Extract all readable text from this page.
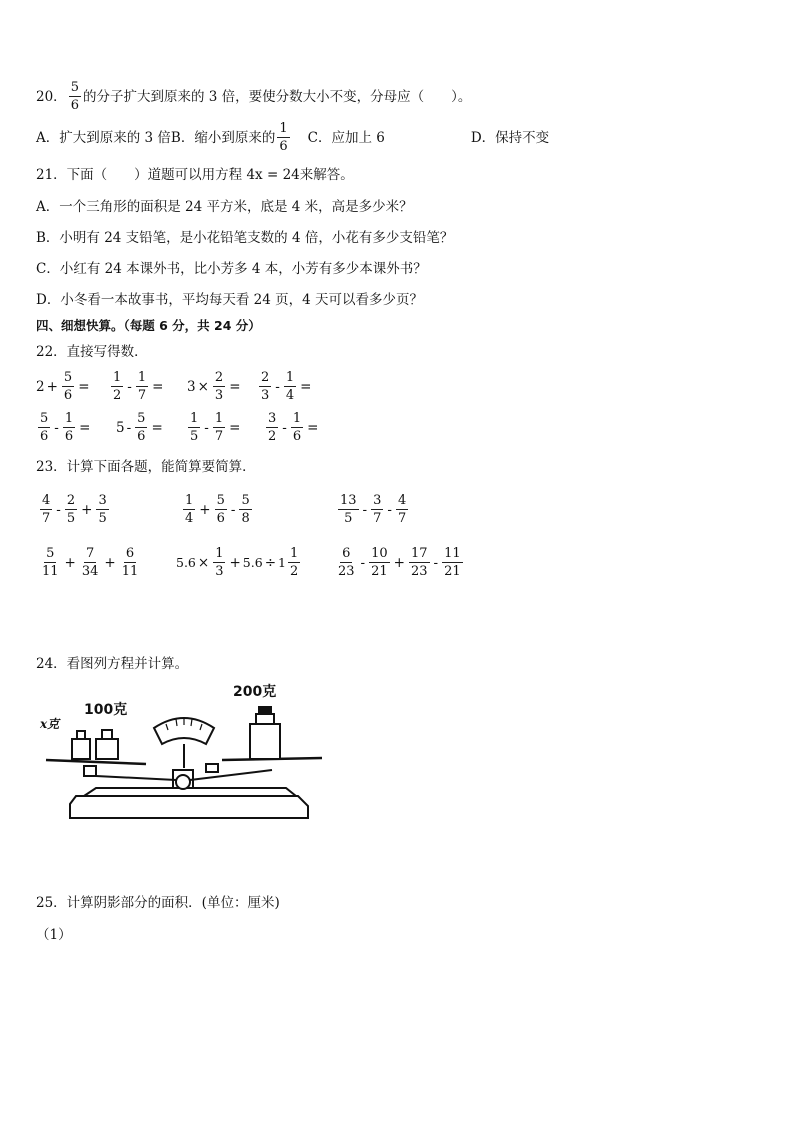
20． $\frac{5}{6}$ 的分子扩大到原来的 3 倍，要使分数大小不变，分母应（　　）。
A．扩大到原来的 3 倍 B．缩小到原来的 $\frac{1}{6}$ C．应加上 6	D．保持不变
21．下面（　　）道题可以用方程 4x = 24来解答。
A．一个三角形的面积是 24 平方米，底是 4 米，高是多少米？
B．小明有 24 支铅笔，是小花铅笔支数的 4 倍，小花有多少支铅笔？
C．小红有 24 本课外书，比小芳多 4 本，小芳有多少本课外书？
D．小冬看一本故事书，平均每天看 24 页，4 天可以看多少页？
四、细想快算。（每题 6 分，共 24 分）
22．直接写得数．
$2 + \frac{5}{6} = \frac{1}{2} - \frac{1}{7} = 3 \times \frac{2}{3} = \frac{2}{3} - \frac{1}{4}$ =
$\frac{5}{6} - \frac{1}{6} = 5 - \frac{5}{6} = \frac{1}{5} - \frac{1}{7} = \frac{3}{2} - \frac{1}{6}$ =
23．计算下面各题，能简算要简算．
$\frac{4}{7} - \frac{2}{5} + \frac{3}{5}$	$\frac{1}{4} + \frac{5}{6} - \frac{5}{8}$	$\frac{13}{5} - \frac{3}{7} - \frac{4}{7}$
$\frac{5}{11} + \frac{7}{34} + \frac{6}{11}$	$5.6 \times \frac{1}{3} + 5.6 \div 1 \frac{1}{2}$	$\frac{6}{23} - \frac{10}{21} + \frac{17}{23} - \frac{11}{21}$
24．看图列方程并计算。
x克
100克
200克
25．计算阴影部分的面积．(单位：厘米)
（1）
